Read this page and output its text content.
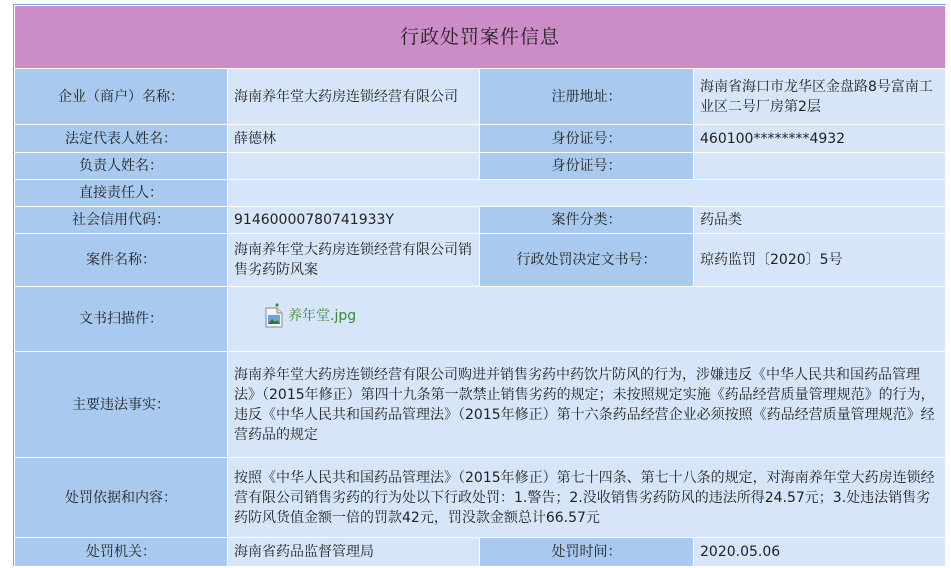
行政处罚案件信息			
企业（商户）名称：	海南养年堂大药房连锁经营有限公司	注册地址：	海南省海口市龙华区金盘路8号富南工业区二号厂房第2层
法定代表人姓名：	薛德林	身份证号：	460100********4932
负责人姓名：		身份证号：	
直接责任人：			
社会信用代码：	91460000780741933Y	案件分类：	药品类
案件名称：	海南养年堂大药房连锁经营有限公司销售劣药防风案	行政处罚决定文书号：	琼药监罚〔2020〕5号
文书扫描件：	养年堂.jpg		

主要违法事实：	海南养年堂大药房连锁经营有限公司购进并销售劣药中药饮片防风的行为，涉嫌违反《中华人民共和国药品管理法》（2015年修正）第四十九条第一款禁止销售劣药的规定；未按照规定实施《药品经营质量管理规范》的行为，违反《中华人民共和国药品管理法》（2015年修正）第十六条药品经营企业必须按照《药品经营质量管理规范》经营药品的规定		
处罚依据和内容：	按照《中华人民共和国药品管理法》（2015年修正）第七十四条、第七十八条的规定，对海南养年堂大药房连锁经营有限公司销售劣药的行为处以下行政处罚：1.警告；2.没收销售劣药防风的违法所得24.57元；3.处违法销售劣药防风货值金额一倍的罚款42元，罚没款金额总计66.57元		
处罚机关：	海南省药品监督管理局	处罚时间：	2020.05.06
